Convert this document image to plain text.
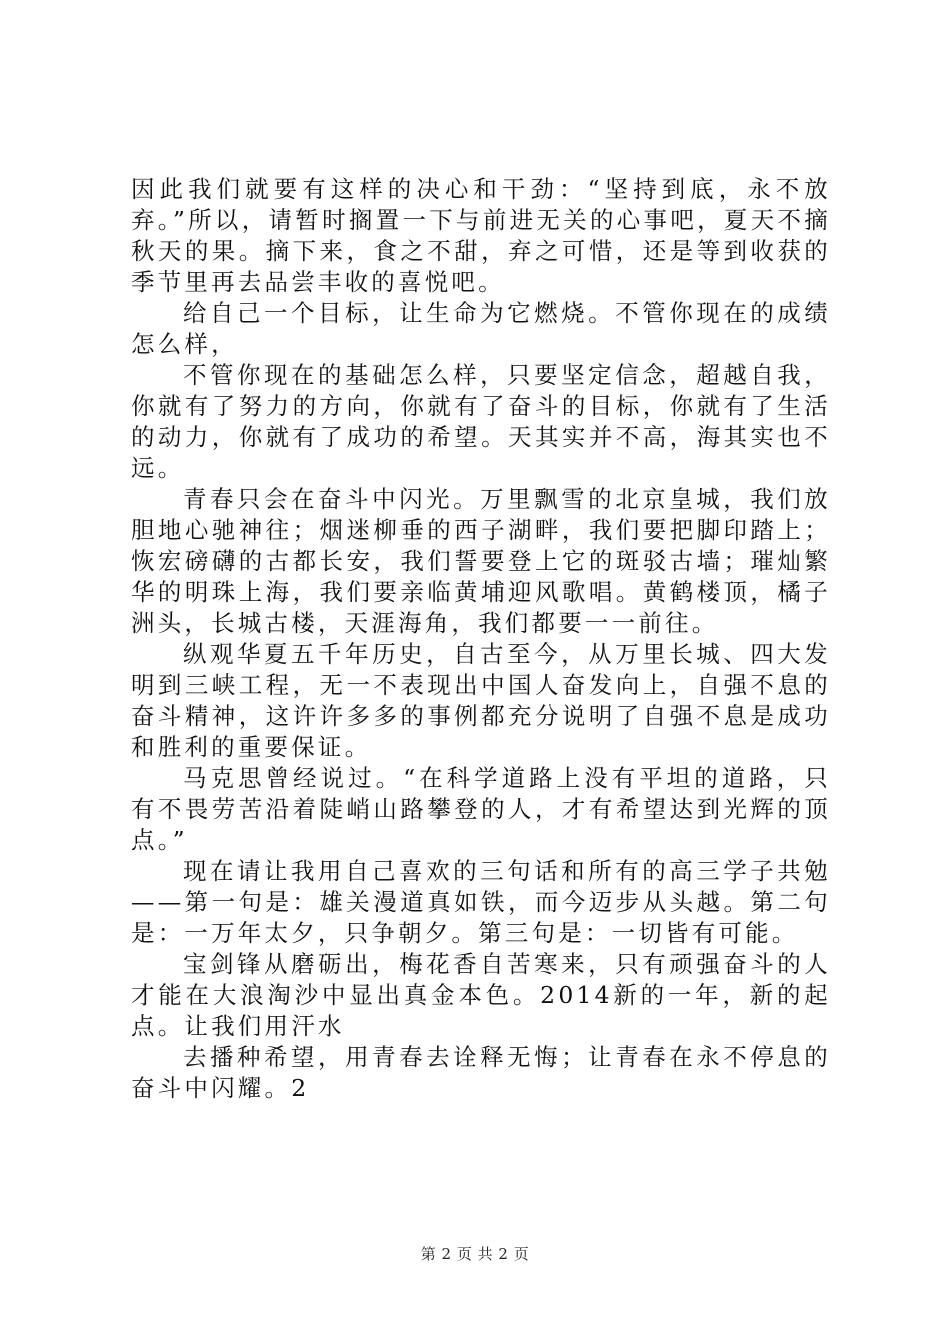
因此我们就要有这样的决心和干劲：“坚持到底，永不放弃。”所以，请暂时搁置一下与前进无关的心事吧，夏天不摘秋天的果。摘下来，食之不甜，弃之可惜，还是等到收获的季节里再去品尝丰收的喜悦吧。

给自己一个目标，让生命为它燃烧。不管你现在的成绩怎么样，

不管你现在的基础怎么样，只要坚定信念，超越自我，你就有了努力的方向，你就有了奋斗的目标，你就有了生活的动力，你就有了成功的希望。天其实并不高，海其实也不远。

青春只会在奋斗中闪光。万里飘雪的北京皇城，我们放胆地心驰神往；烟迷柳垂的西子湖畔，我们要把脚印踏上；恢宏磅礴的古都长安，我们誓要登上它的斑驳古墙；璀灿繁华的明珠上海，我们要亲临黄埔迎风歌唱。黄鹤楼顶，橘子洲头，长城古楼，天涯海角，我们都要一一前往。

纵观华夏五千年历史，自古至今，从万里长城、四大发明到三峡工程，无一不表现出中国人奋发向上，自强不息的奋斗精神，这许许多多的事例都充分说明了自强不息是成功和胜利的重要保证。

马克思曾经说过。“在科学道路上没有平坦的道路，只有不畏劳苦沿着陡峭山路攀登的人，才有希望达到光辉的顶点。”

现在请让我用自己喜欢的三句话和所有的高三学子共勉——第一句是：雄关漫道真如铁，而今迈步从头越。第二句是：一万年太夕，只争朝夕。第三句是：一切皆有可能。

宝剑锋从磨砺出，梅花香自苦寒来，只有顽强奋斗的人才能在大浪淘沙中显出真金本色。2014新的一年，新的起点。让我们用汗水

去播种希望，用青春去诠释无悔；让青春在永不停息的奋斗中闪耀。2

第 2 页 共 2 页
